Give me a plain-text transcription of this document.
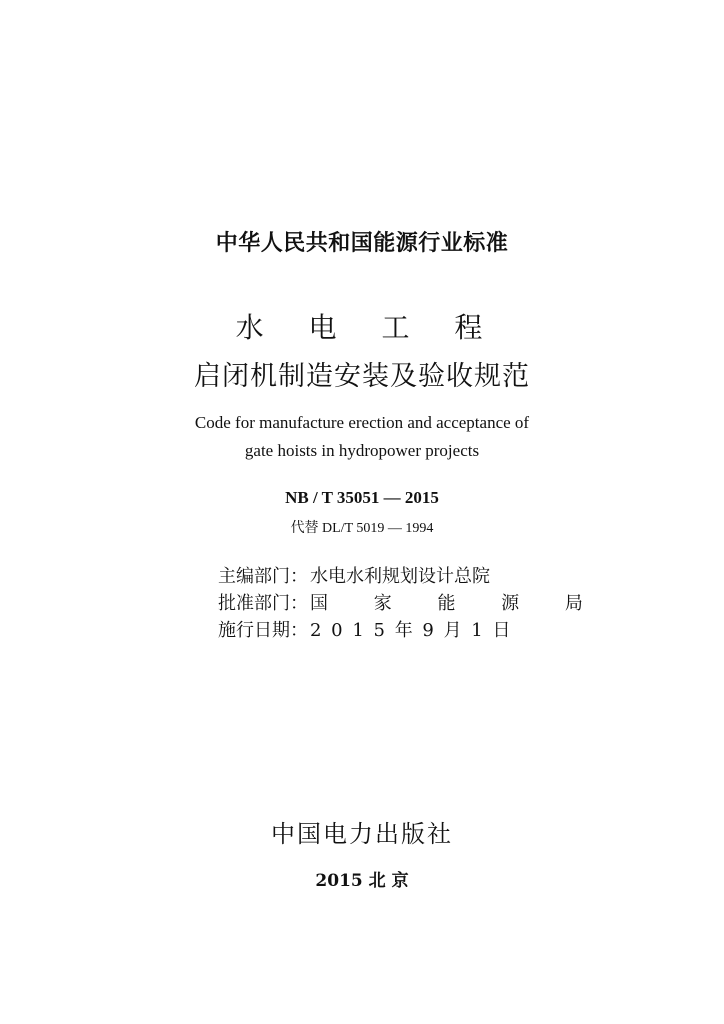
中华人民共和国能源行业标准
水 电 工 程
启闭机制造安装及验收规范
Code for manufacture erection and acceptance of
gate hoists in hydropower projects
NB / T 35051 — 2015
代替 DL/T 5019 — 1994
主编部门： 水电水利规划设计总院
批准部门： 国 家 能 源 局
施行日期： 2 0 1 5 年 9 月 1 日
中国电力出版社
2015 北 京
